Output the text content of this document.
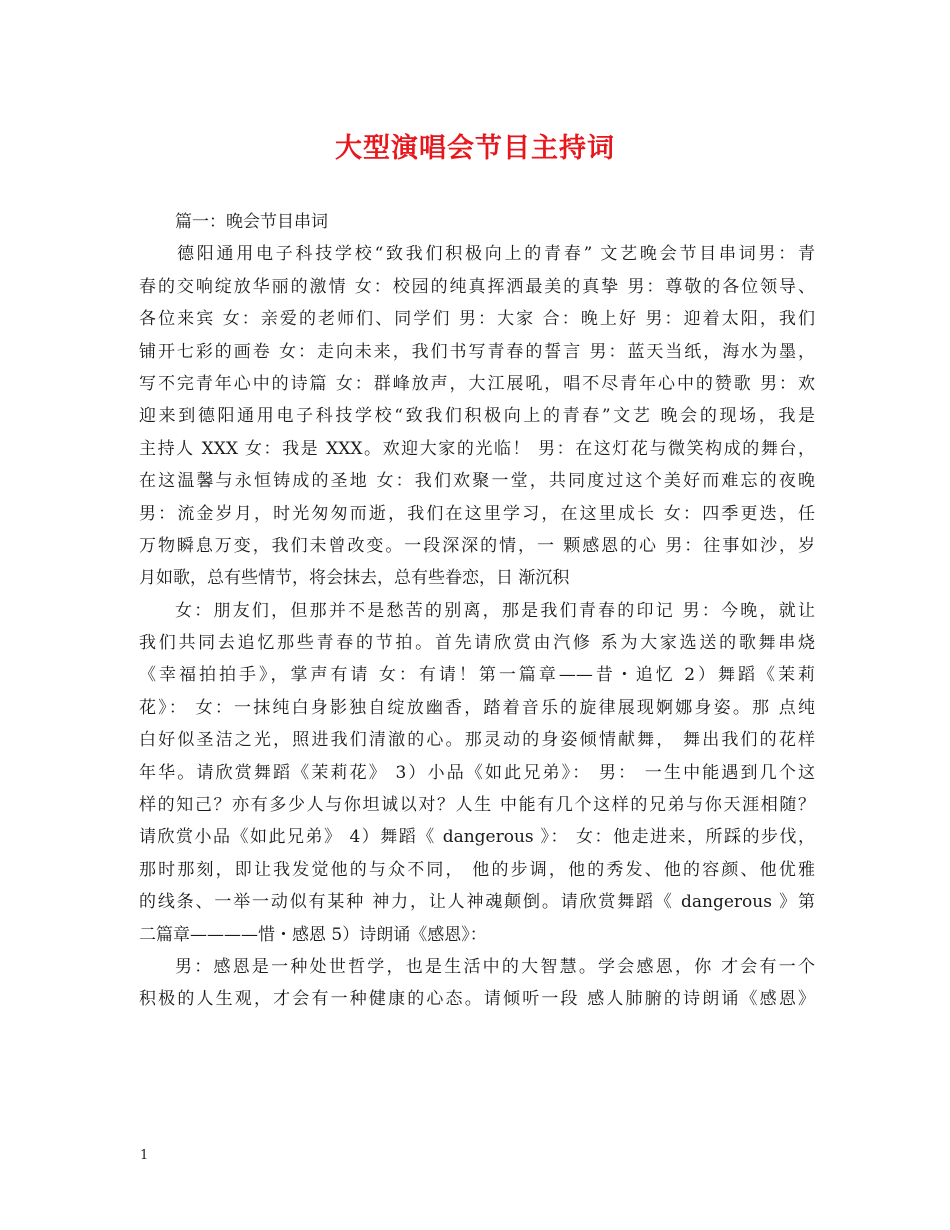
大型演唱会节目主持词
篇一：晚会节目串词
德阳通用电子科技学校“致我们积极向上的青春” 文艺晚会节目串词男：青
春的交响绽放华丽的激情 女：校园的纯真挥洒最美的真挚 男：尊敬的各位领导、
各位来宾 女：亲爱的老师们、同学们 男：大家 合：晚上好 男：迎着太阳，我们
铺开七彩的画卷 女：走向未来，我们书写青春的誓言 男：蓝天当纸，海水为墨，
写不完青年心中的诗篇 女：群峰放声，大江展吼，唱不尽青年心中的赞歌 男：欢
迎来到德阳通用电子科技学校“致我们积极向上的青春”文艺 晚会的现场，我是
主持人 XXX 女：我是 XXX。欢迎大家的光临！ 男：在这灯花与微笑构成的舞台，
在这温馨与永恒铸成的圣地 女：我们欢聚一堂，共同度过这个美好而难忘的夜晚
男：流金岁月，时光匆匆而逝，我们在这里学习，在这里成长 女：四季更迭，任
万物瞬息万变，我们未曾改变。一段深深的情，一 颗感恩的心 男：往事如沙，岁
月如歌，总有些情节，将会抹去，总有些眷恋，日 渐沉积
女：朋友们，但那并不是愁苦的别离，那是我们青春的印记 男：今晚，就让
我们共同去追忆那些青春的节拍。首先请欣赏由汽修 系为大家选送的歌舞串烧
《幸福拍拍手》，掌声有请 女：有请！第一篇章——昔・追忆 2）舞蹈《茉莉
花》： 女：一抹纯白身影独自绽放幽香，踏着音乐的旋律展现婀娜身姿。那 点纯
白好似圣洁之光，照进我们清澈的心。那灵动的身姿倾情献舞， 舞出我们的花样
年华。请欣赏舞蹈《茉莉花》 3）小品《如此兄弟》： 男： 一生中能遇到几个这
样的知己？亦有多少人与你坦诚以对？人生 中能有几个这样的兄弟与你天涯相随？
请欣赏小品《如此兄弟》 4）舞蹈《 dangerous 》： 女：他走进来，所踩的步伐，
那时那刻，即让我发觉他的与众不同， 他的步调，他的秀发、他的容颜、他优雅
的线条、一举一动似有某种 神力，让人神魂颠倒。请欣赏舞蹈《 dangerous 》第
二篇章————惜・感恩 5）诗朗诵《感恩》：
男：感恩是一种处世哲学，也是生活中的大智慧。学会感恩，你 才会有一个
积极的人生观，才会有一种健康的心态。请倾听一段 感人肺腑的诗朗诵《感恩》
1
